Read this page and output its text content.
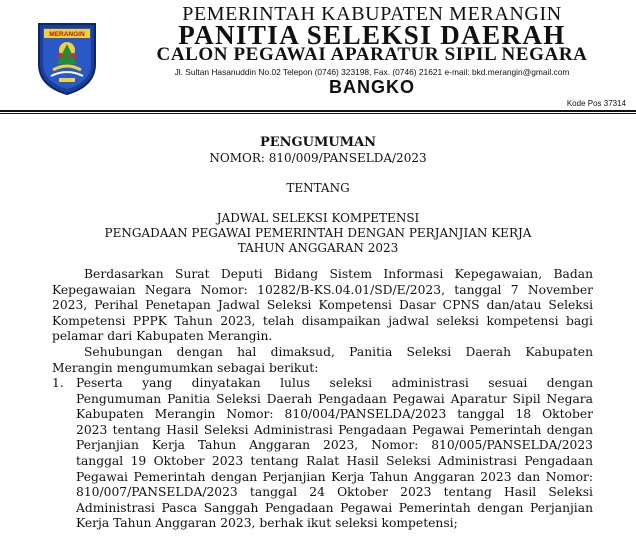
MERANGIN
PEMERINTAH KABUPATEN MERANGIN
PANITIA SELEKSI DAERAH
CALON PEGAWAI APARATUR SIPIL NEGARA
Jl. Sultan Hasanuddin No.02 Telepon (0746) 323198, Fax. (0746) 21621 e-mail: bkd.merangin@gmail.com
BANGKO
Kode Pos 37314
PENGUMUMAN
NOMOR: 810/009/PANSELDA/2023
TENTANG
JADWAL SELEKSI KOMPETENSI
PENGADAAN PEGAWAI PEMERINTAH DENGAN PERJANJIAN KERJA
TAHUN ANGGARAN 2023
Berdasarkan Surat Deputi Bidang Sistem Informasi Kepegawaian, Badan
Kepegawaian Negara Nomor: 10282/B-KS.04.01/SD/E/2023, tanggal 7 November
2023, Perihal Penetapan Jadwal Seleksi Kompetensi Dasar CPNS dan/atau Seleksi
Kompetensi PPPK Tahun 2023, telah disampaikan jadwal seleksi kompetensi bagi
pelamar dari Kabupaten Merangin.
Sehubungan dengan hal dimaksud, Panitia Seleksi Daerah Kabupaten
Merangin mengumumkan sebagai berikut:
1. Peserta yang dinyatakan lulus seleksi administrasi sesuai dengan
Pengumuman Panitia Seleksi Daerah Pengadaan Pegawai Aparatur Sipil Negara
Kabupaten Merangin Nomor: 810/004/PANSELDA/2023 tanggal 18 Oktober
2023 tentang Hasil Seleksi Administrasi Pengadaan Pegawai Pemerintah dengan
Perjanjian Kerja Tahun Anggaran 2023, Nomor: 810/005/PANSELDA/2023
tanggal 19 Oktober 2023 tentang Ralat Hasil Seleksi Administrasi Pengadaan
Pegawai Pemerintah dengan Perjanjian Kerja Tahun Anggaran 2023 dan Nomor:
810/007/PANSELDA/2023 tanggal 24 Oktober 2023 tentang Hasil Seleksi
Administrasi Pasca Sanggah Pengadaan Pegawai Pemerintah dengan Perjanjian
Kerja Tahun Anggaran 2023, berhak ikut seleksi kompetensi;
